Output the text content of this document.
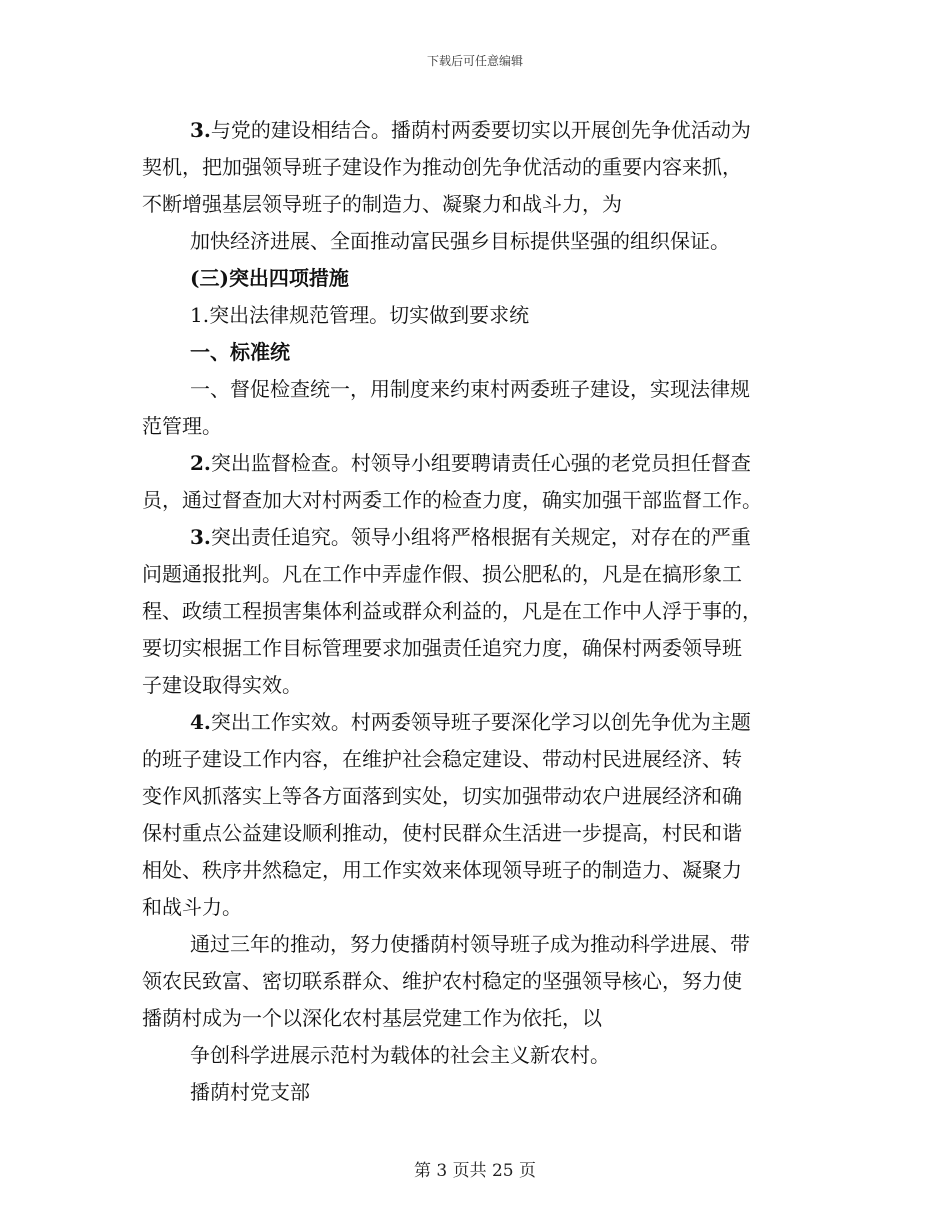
下载后可任意编辑
3.与党的建设相结合。播荫村两委要切实以开展创先争优活动为
契机，把加强领导班子建设作为推动创先争优活动的重要内容来抓，
不断增强基层领导班子的制造力、凝聚力和战斗力，为
加快经济进展、全面推动富民强乡目标提供坚强的组织保证。
(三)突出四项措施
1.突出法律规范管理。切实做到要求统
一、标准统
一、督促检查统一，用制度来约束村两委班子建设，实现法律规
范管理。
2.突出监督检查。村领导小组要聘请责任心强的老党员担任督查
员，通过督查加大对村两委工作的检查力度，确实加强干部监督工作。
3.突出责任追究。领导小组将严格根据有关规定，对存在的严重
问题通报批判。凡在工作中弄虚作假、损公肥私的，凡是在搞形象工
程、政绩工程损害集体利益或群众利益的，凡是在工作中人浮于事的，
要切实根据工作目标管理要求加强责任追究力度，确保村两委领导班
子建设取得实效。
4.突出工作实效。村两委领导班子要深化学习以创先争优为主题
的班子建设工作内容，在维护社会稳定建设、带动村民进展经济、转
变作风抓落实上等各方面落到实处，切实加强带动农户进展经济和确
保村重点公益建设顺利推动，使村民群众生活进一步提高，村民和谐
相处、秩序井然稳定，用工作实效来体现领导班子的制造力、凝聚力
和战斗力。
通过三年的推动，努力使播荫村领导班子成为推动科学进展、带
领农民致富、密切联系群众、维护农村稳定的坚强领导核心，努力使
播荫村成为一个以深化农村基层党建工作为依托，以
争创科学进展示范村为载体的社会主义新农村。
播荫村党支部
第 3 页共 25 页
